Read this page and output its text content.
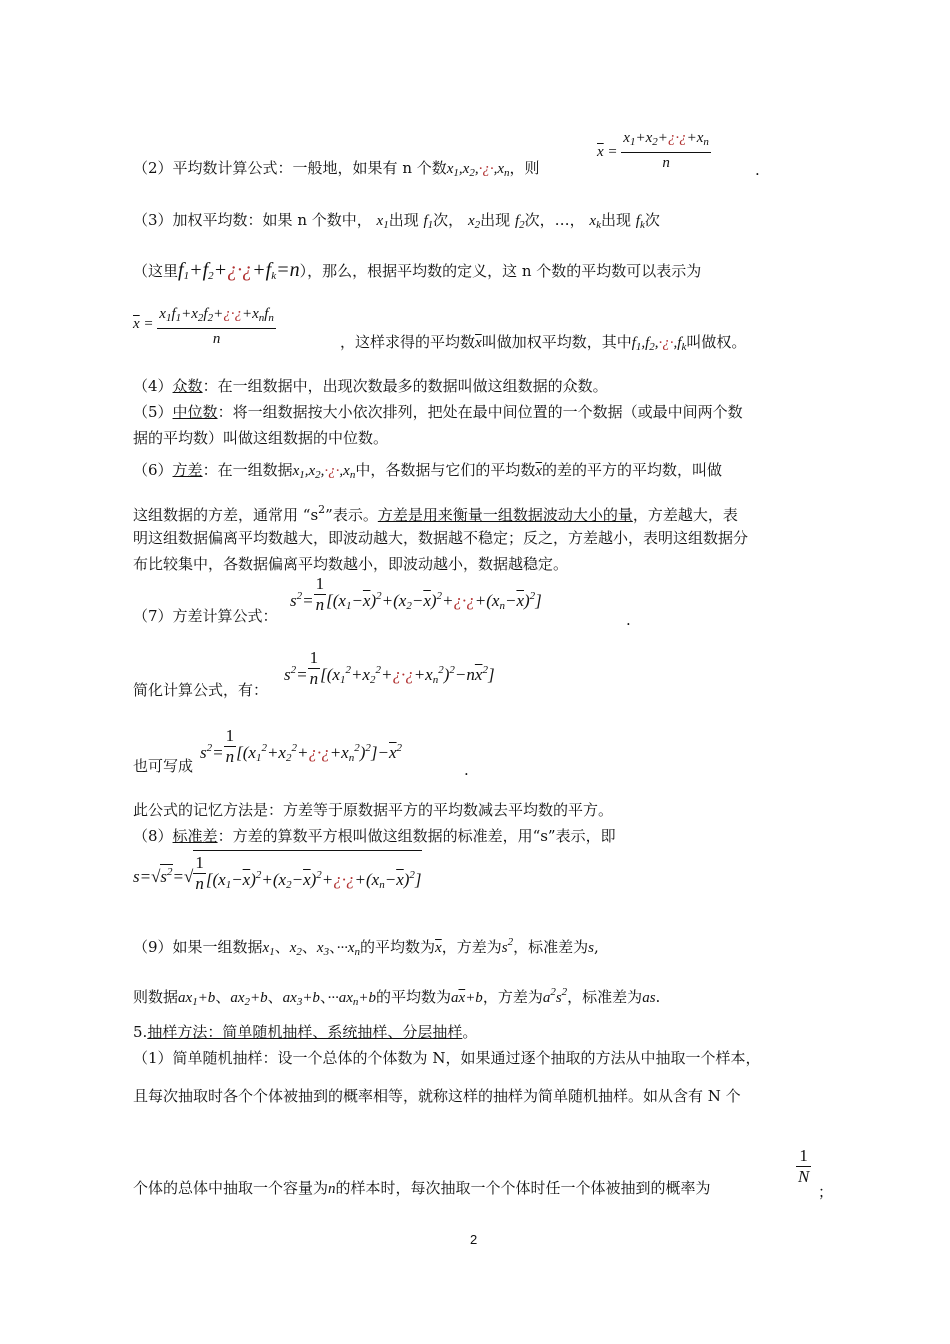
（2）平均数计算公式：一般地，如果有 n 个数$x_1,x_2,\cdot¿\cdot,x_n$，则
$\overline{x} = \frac{x_1+x_2+¿\cdot¿+x_n}{n}$	.
（3）加权平均数：如果 n 个数中， $x_1$出现 $f_1$次， $x_2$出现 $f_2$次，…， $x_k$出现 $f_k$次
（这里$f_1+f_2+¿\cdot¿+f_k=n$），那么，根据平均数的定义，这 n 个数的平均数可以表示为
$\overline{x} = \frac{x_1f_1+x_2f_2+¿\cdot¿+x_nf_n}{n}$	，这样求得的平均数$\overline{x}$叫做加权平均数，其中$f_1,f_2,\cdot¿\cdot,f_k$叫做权。
（4）众数：在一组数据中，出现次数最多的数据叫做这组数据的众数。
（5）中位数：将一组数据按大小依次排列，把处在最中间位置的一个数据（或最中间两个数
据的平均数）叫做这组数据的中位数。
（6）方差：在一组数据$x_1,x_2,\cdot¿\cdot,x_n$中，各数据与它们的平均数$\overline{x}$的差的平方的平均数，叫做
这组数据的方差，通常用 “$s^2$”表示。方差是用来衡量一组数据波动大小的量，方差越大，表
明这组数据偏离平均数越大，即波动越大，数据越不稳定；反之，方差越小，表明这组数据分
布比较集中，各数据偏离平均数越小，即波动越小，数据越稳定。
（7）方差计算公式：
$s^2= \frac{1}{n}$ $[(x_1-\overline{x})^2+(x_2-\overline{x})^2+¿\cdot¿+(x_n-\overline{x})^2]$
.
简化计算公式，有：
$s^2= \frac{1}{n}$ $[(x_1^2+x_2^2+¿\cdot¿+x_n^2)^2-n\overline{x}^2]$
也可写成
$s^2= \frac{1}{n}$ $[(x_1^2+x_2^2+¿\cdot¿+x_n^2)^2]-\overline{x}^2$
.
此公式的记忆方法是：方差等于原数据平方的平均数减去平均数的平方。
（8）标准差：方差的算数平方根叫做这组数据的标准差，用“s”表示，即
$s=√s^2=√ \frac{1}{n}$ $[(x_1-\overline{x})^2+(x_2-\overline{x})^2+¿\cdot¿+(x_n-\overline{x})^2]$
（9）如果一组数据$x_1$、$x_2$、$x_3$、$\cdot\cdot\cdot x_n$的平均数为$\overline{x}$，方差为$s^2$，标准差为s,
则数据$ax_1+b$、$ax_2+b$、$ax_3+b$、$\cdot\cdot\cdot ax_n+b$的平均数为$a\overline{x}+b$，方差为$a^2s^2$，标准差为as.
5.抽样方法：简单随机抽样、系统抽样、分层抽样。
（1）简单随机抽样：设一个总体的个体数为 N，如果通过逐个抽取的方法从中抽取一个样本，
且每次抽取时各个个体被抽到的概率相等，就称这样的抽样为简单随机抽样。如从含有 N 个
个体的总体中抽取一个容量为n的样本时，每次抽取一个个体时任一个体被抽到的概率为
$\frac{1}{N}$
；
2
